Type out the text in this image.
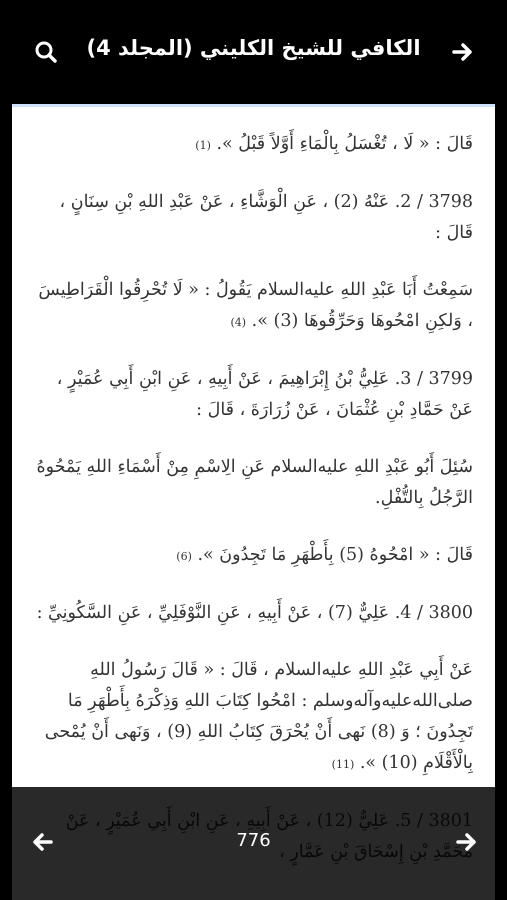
الكافي للشيخ الكليني (المجلد 4)

قَالَ : « لَا ، تُغْسَلُ بِالْمَاءِ أَوَّلاً قَبْلُ ». (1)

3798 / 2. عَنْهُ (2) ، عَنِ الْوَشَّاءِ ، عَنْ عَبْدِ اللهِ بْنِ سِنَانٍ ، قَالَ :

سَمِعْتُ أَبَا عَبْدِ اللهِ عليه‌السلام يَقُولُ : « لَا تُحْرِقُوا الْقَرَاطِيسَ ، وَلكِنِ امْحُوهَا وَحَرِّقُوهَا (3) ». (4)

3799 / 3. عَلِيُّ بْنُ إِبْرَاهِيمَ ، عَنْ أَبِيهِ ، عَنِ ابْنِ أَبِي عُمَيْرٍ ، عَنْ حَمَّادِ بْنِ عُثْمَانَ ، عَنْ زُرَارَةَ ، قَالَ :

سُئِلَ أَبُو عَبْدِ اللهِ عليه‌السلام عَنِ الِاسْمِ مِنْ أَسْمَاءِ اللهِ يَمْحُوهُ الرَّجُلُ بِالتُّفْلِ.

قَالَ : « امْحُوهُ (5) بِأَطْهَرِ مَا تَجِدُونَ ». (6)

3800 / 4. عَلِيٌّ (7) ، عَنْ أَبِيهِ ، عَنِ النَّوْفَلِيِّ ، عَنِ السَّكُونِيِّ :

عَنْ أَبِي عَبْدِ اللهِ عليه‌السلام ، قَالَ : « قَالَ رَسُولُ اللهِ صلى‌الله‌عليه‌وآله‌وسلم : امْحُوا كِتَابَ اللهِ وَذِكْرَهُ بِأَطْهَرِ مَا تَجِدُونَ ؛ وَ (8) نَهى أَنْ يُحْرَقَ كِتَابُ اللهِ (9) ، وَنَهى أَنْ يُمْحى بِالْأَقْلَامِ (10) ». (11)

776
